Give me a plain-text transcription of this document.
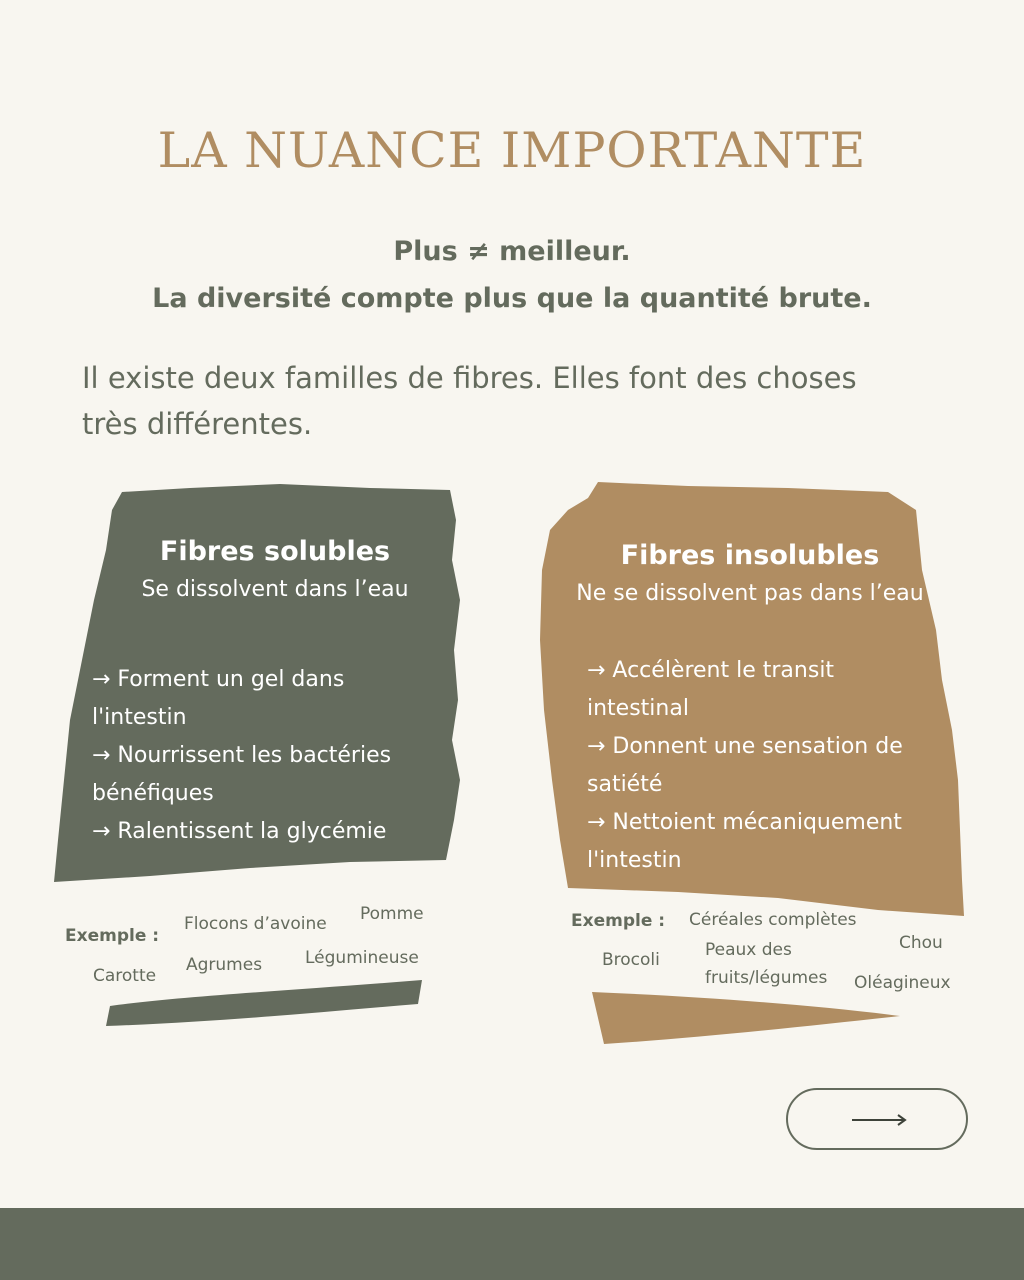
LA NUANCE IMPORTANTE

Plus ≠ meilleur.

La diversité compte plus que la quantité brute.

Il existe deux familles de fibres. Elles font des choses
très différentes.

Fibres solubles

Se dissolvent dans l’eau

→ Forment un gel dans
l'intestin
→ Nourrissent les bactéries
bénéfiques
→ Ralentissent la glycémie
Exemple :
Flocons d’avoine Pomme
Carotte
Agrumes	Légumineuse

Fibres insolubles

Ne se dissolvent pas dans l’eau

→ Accélèrent le transit
intestinal
→ Donnent une sensation de
satiété
→ Nettoient mécaniquement
l'intestin
Exemple : Céréales complètes
Chou
Brocoli	Peaux des
fruits/légumes Oléagineux
